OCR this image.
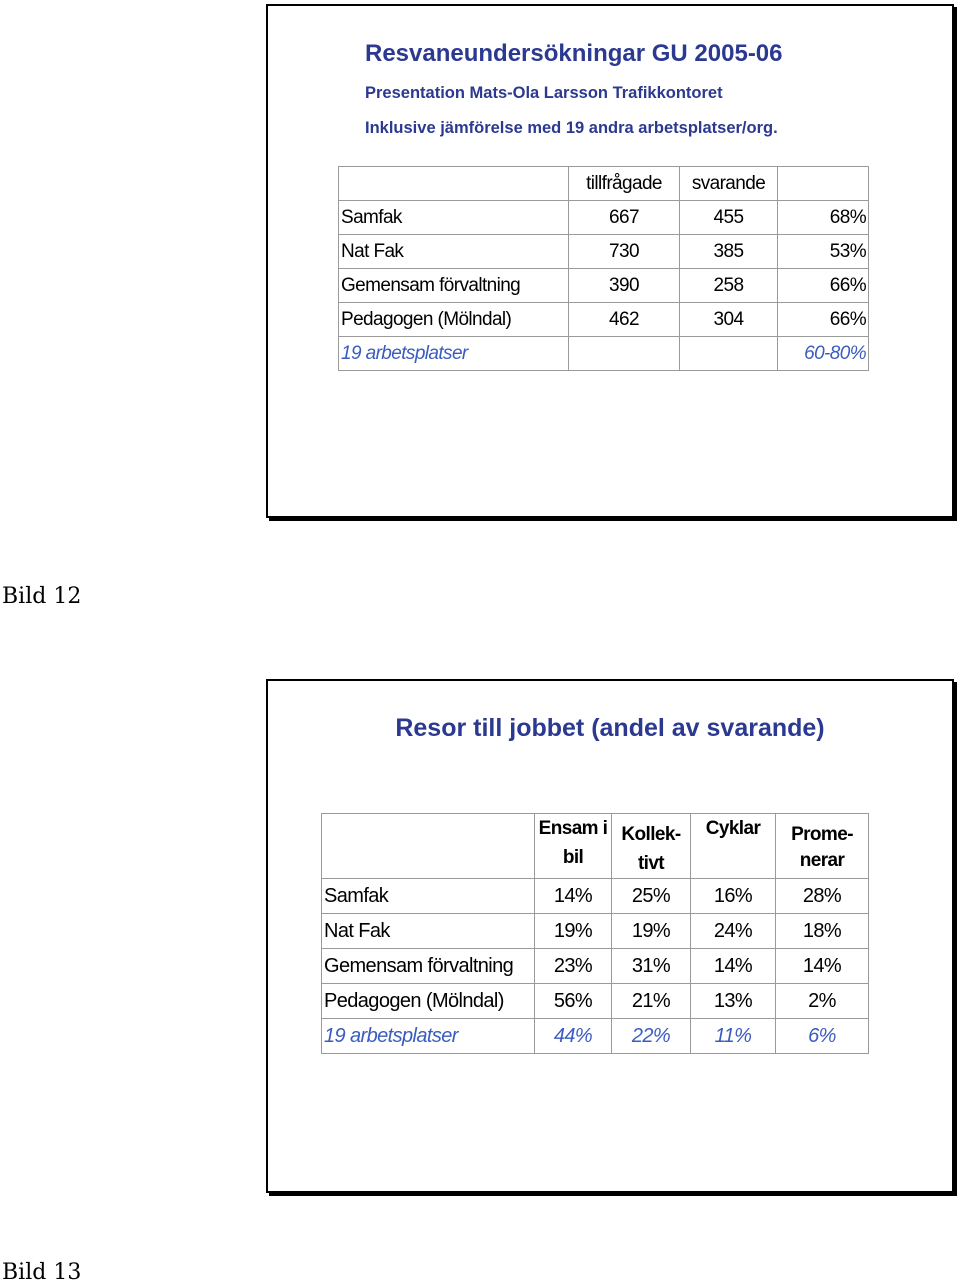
Resvaneundersökningar GU 2005-06
Presentation Mats-Ola Larsson Trafikkontoret
Inklusive jämförelse med 19 andra arbetsplatser/org.
	tillfrågade	svarande	
Samfak	667	455	68%
Nat Fak	730	385	53%
Gemensam förvaltning	390	258	66%
Pedagogen (Mölndal)	462	304	66%
19 arbetsplatser			60-80%
Bild 12
Resor till jobbet (andel av svarande)
	Ensam i bil	Kollek-tivt	Cyklar	Prome-nerar
Samfak	14%	25%	16%	28%
Nat Fak	19%	19%	24%	18%
Gemensam förvaltning	23%	31%	14%	14%
Pedagogen (Mölndal)	56%	21%	13%	2%
19 arbetsplatser	44%	22%	11%	6%
Bild 13
